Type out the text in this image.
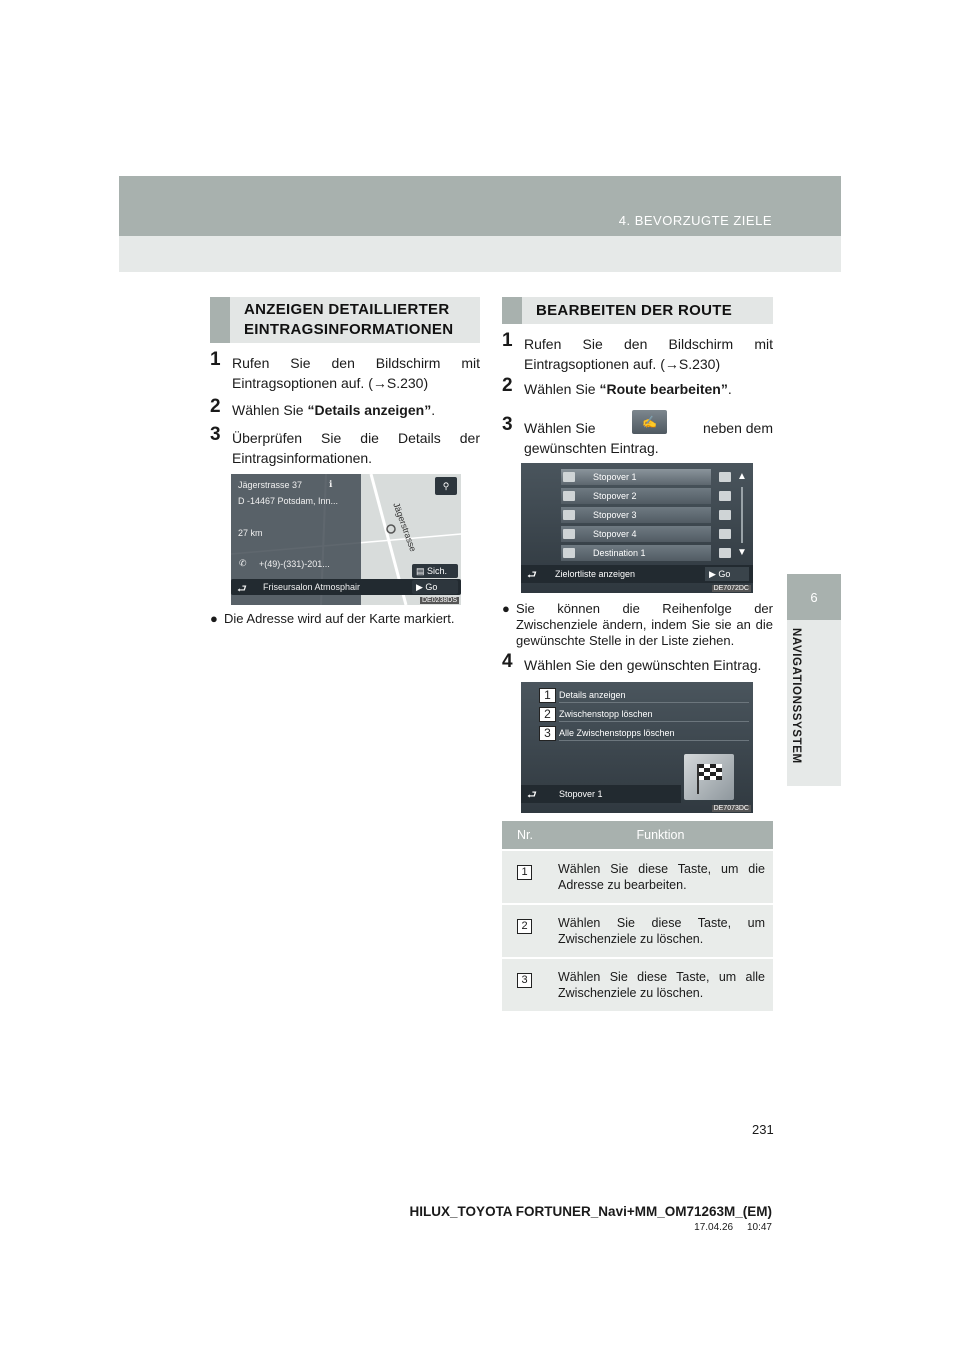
4. BEVORZUGTE ZIELE
6
NAVIGATIONSSYSTEM
ANZEIGEN DETAILLIERTER
EINTRAGSINFORMATIONEN
1 Rufen Sie den Bildschirm mit Eintragsoptionen auf. (→S.230)
2 Wählen Sie “Details anzeigen”.
3 Überprüfen Sie die Details der Eintragsinformationen.
Jägerstrasse
Jägerstrasse 37	ℹ
D -14467 Potsdam, Inn...
27 km
✆ +(49)-(331)-201...
⚲
▤ Sich.
⮐ Friseursalon Atmosphair	▶ Go
DE0238DS
● Die Adresse wird auf der Karte markiert.
BEARBEITEN DER ROUTE
1 Rufen Sie den Bildschirm mit Eintragsoptionen auf. (→S.230)
2 Wählen Sie “Route bearbeiten”.
3 Wählen Sie	✍	neben dem
gewünschten Eintrag.
Stopover 1
Stopover 2
Stopover 3
Stopover 4
Destination 1
▲
▼
⮐ Zielortliste anzeigen	▶ Go
DE7072DC
● Sie können die Reihenfolge der Zwischenziele ändern, indem Sie sie an die gewünschte Stelle in der Liste ziehen.
4 Wählen Sie den gewünschten Eintrag.
Details anzeigen
Zwischenstopp löschen
Alle Zwischenstopps löschen
1
2
3
⮐ Stopover 1
DE7073DC
Nr.	Funktion
1	Wählen Sie diese Taste, um die Adresse zu bearbeiten.
2	Wählen Sie diese Taste, um Zwischenziele zu löschen.
3	Wählen Sie diese Taste, um alle Zwischenziele zu löschen.
231
HILUX_TOYOTA FORTUNER_Navi+MM_OM71263M_(EM)
17.04.26     10:47
